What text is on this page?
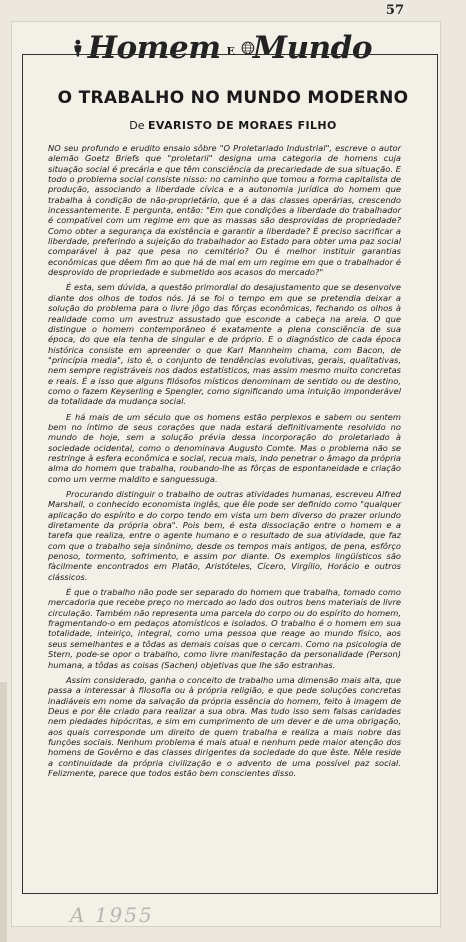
57
Homem E Mundo
O TRABALHO NO MUNDO MODERNO
De EVARISTO DE MORAES FILHO

NO seu profundo e erudito ensaio sôbre "O Proletariado Industrial", escreve o autor alemão Goetz Briefs que "proletarii" designa uma categoria de homens cuja situação social é precária e que têm consciência da precariedade de sua situação. E todo o problema social consiste nisso: no caminho que tomou a forma capitalista de produção, associando a liberdade cívica e a autonomia jurídica do homem que trabalha à condição de não-proprietário, que é a das classes operárias, crescendo incessantemente. E pergunta, então: "Em que condições a liberdade do trabalhador é compatível com um regime em que as massas são desprovidas de propriedade? Como obter a segurança da existência e garantir a liberdade? É preciso sacrificar a liberdade, preferindo a sujeição do trabalhador ao Estado para obter uma paz social comparável à paz que pesa no cemitério? Ou é melhor instituir garantias econômicas que dêem fim ao que há de mal em um regime em que o trabalhador é desprovido de propriedade e submetido aos acasos do mercado?"

É esta, sem dúvida, a questão primordial do desajustamento que se desenvolve diante dos olhos de todos nós. Já se foi o tempo em que se pretendia deixar a solução do problema para o livre jôgo das fôrças econômicas, fechando os olhos à realidade como um avestruz assustado que esconde a cabeça na areia. O que distingue o homem contemporâneo é exatamente a plena consciência de sua época, do que ela tenha de singular e de próprio. E o diagnóstico de cada época histórica consiste em apreender o que Karl Mannheim chama, com Bacon, de "princípia media", isto é, o conjunto de tendências evolutivas, gerais, qualitativas, nem sempre registráveis nos dados estatísticos, mas assim mesmo muito concretas e reais. É a isso que alguns filósofos místicos denominam de sentido ou de destino, como o fazem Keyserling e Spengler, como significando uma intuição imponderável da totalidade da mudança social.

E há mais de um século que os homens estão perplexos e sabem ou sentem bem no íntimo de seus corações que nada estará definitivamente resolvido no mundo de hoje, sem a solução prévia dessa incorporação do proletariado à sociedade ocidental, como o denominava Augusto Comte. Mas o problema não se restringe à esfera econômica e social, recua mais, indo penetrar o âmago da própria alma do homem que trabalha, roubando-lhe as fôrças de espontaneidade e criação como um verme maldito e sanguessuga.

Procurando distinguir o trabalho de outras atividades humanas, escreveu Alfred Marshall, o conhecido economista inglês, que êle pode ser definido como "qualquer aplicação do espírito e do corpo tendo em vista um bem diverso do prazer oriundo diretamente da própria obra". Pois bem, é esta dissociação entre o homem e a tarefa que realiza, entre o agente humano e o resultado de sua atividade, que faz com que o trabalho seja sinônimo, desde os tempos mais antigos, de pena, esfôrço penoso, tormento, sofrimento, e assim por diante. Os exemplos lingüísticos são fàcilmente encontrados em Platão, Aristóteles, Cícero, Virgílio, Horácio e outros clássicos.

É que o trabalho não pode ser separado do homem que trabalha, tomado como mercadoria que recebe preço no mercado ao lado dos outros bens materiais de livre circulação. Também não representa uma parcela do corpo ou do espírito do homem, fragmentando-o em pedaços atomísticos e isolados. O trabalho é o homem em sua totalidade, inteiriço, integral, como uma pessoa que reage ao mundo físico, aos seus semelhantes e a tôdas as demais coisas que o cercam. Como na psicologia de Stern, pode-se opor o trabalho, como livre manifestação da personalidade (Person) humana, a tôdas as coisas (Sachen) objetivas que lhe são estranhas.

Assim considerado, ganha o conceito de trabalho uma dimensão mais alta, que passa a interessar à filosofia ou à própria religião, e que pede soluções concretas inadiáveis em nome da salvação da própria essência do homem, feito à imagem de Deus e por êle criado para realizar a sua obra. Mas tudo isso sem falsas caridades nem piedades hipócritas, e sim em cumprimento de um dever e de uma obrigação, aos quais corresponde um direito de quem trabalha e realiza a mais nobre das funções sociais. Nenhum problema é mais atual e nenhum pede maior atenção dos homens de Govêrno e das classes dirigentes da sociedade do que êste. Nêle reside a continuidade da própria civilização e o advento de uma possível paz social. Felizmente, parece que todos estão bem conscientes disso.

A 1955
